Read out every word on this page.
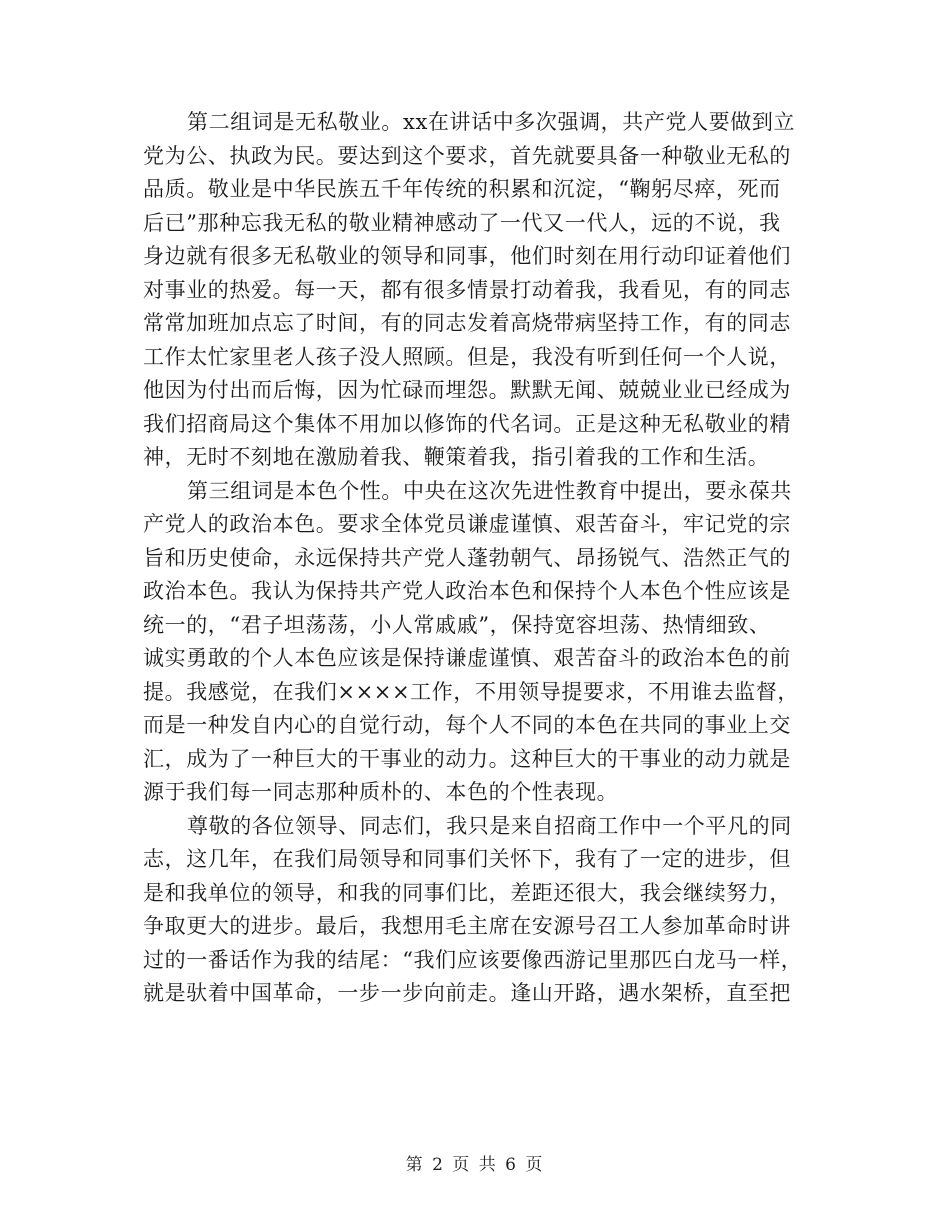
第二组词是无私敬业。xx在讲话中多次强调，共产党人要做到立
党为公、执政为民。要达到这个要求，首先就要具备一种敬业无私的
品质。敬业是中华民族五千年传统的积累和沉淀，“鞠躬尽瘁，死而
后已”那种忘我无私的敬业精神感动了一代又一代人，远的不说，我
身边就有很多无私敬业的领导和同事，他们时刻在用行动印证着他们
对事业的热爱。每一天，都有很多情景打动着我，我看见，有的同志
常常加班加点忘了时间，有的同志发着高烧带病坚持工作，有的同志
工作太忙家里老人孩子没人照顾。但是，我没有听到任何一个人说，
他因为付出而后悔，因为忙碌而埋怨。默默无闻、兢兢业业已经成为
我们招商局这个集体不用加以修饰的代名词。正是这种无私敬业的精
神，无时不刻地在激励着我、鞭策着我，指引着我的工作和生活。
第三组词是本色个性。中央在这次先进性教育中提出，要永葆共
产党人的政治本色。要求全体党员谦虚谨慎、艰苦奋斗，牢记党的宗
旨和历史使命，永远保持共产党人蓬勃朝气、昂扬锐气、浩然正气的
政治本色。我认为保持共产党人政治本色和保持个人本色个性应该是
统一的，“君子坦荡荡，小人常戚戚”，保持宽容坦荡、热情细致、
诚实勇敢的个人本色应该是保持谦虚谨慎、艰苦奋斗的政治本色的前
提。我感觉，在我们××××工作，不用领导提要求，不用谁去监督，
而是一种发自内心的自觉行动，每个人不同的本色在共同的事业上交
汇，成为了一种巨大的干事业的动力。这种巨大的干事业的动力就是
源于我们每一同志那种质朴的、本色的个性表现。
尊敬的各位领导、同志们，我只是来自招商工作中一个平凡的同
志，这几年，在我们局领导和同事们关怀下，我有了一定的进步，但
是和我单位的领导，和我的同事们比，差距还很大，我会继续努力，
争取更大的进步。最后，我想用毛主席在安源号召工人参加革命时讲
过的一番话作为我的结尾：“我们应该要像西游记里那匹白龙马一样，
就是驮着中国革命，一步一步向前走。逢山开路，遇水架桥，直至把
第 2 页 共 6 页
